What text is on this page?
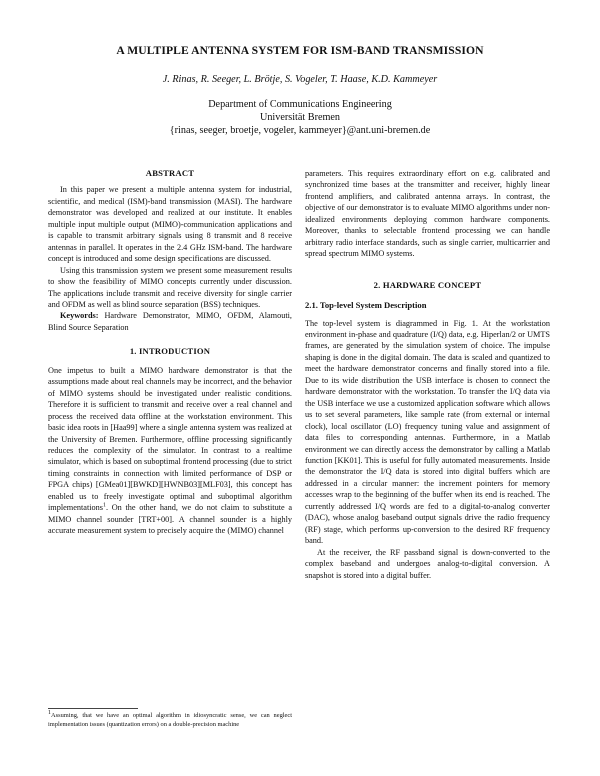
A MULTIPLE ANTENNA SYSTEM FOR ISM-BAND TRANSMISSION
J. Rinas, R. Seeger, L. Brötje, S. Vogeler, T. Haase, K.D. Kammeyer
Department of Communications Engineering
Universität Bremen
{rinas, seeger, broetje, vogeler, kammeyer}@ant.uni-bremen.de

ABSTRACT

In this paper we present a multiple antenna system for industrial, scientific, and medical (ISM)-band transmission (MASI). The hardware demonstrator was developed and realized at our institute. It enables multiple input multiple output (MIMO)-communication applications and is capable to transmit arbitrary signals using 8 transmit and 8 receive antennas in parallel. It operates in the 2.4 GHz ISM-band. The hardware concept is introduced and some design specifications are discussed.

Using this transmission system we present some measurement results to show the feasibility of MIMO concepts currently under discussion. The applications include transmit and receive diversity for single carrier and OFDM as well as blind source separation (BSS) techniques.

Keywords: Hardware Demonstrator, MIMO, OFDM, Alamouti, Blind Source Separation

1. INTRODUCTION

One impetus to built a MIMO hardware demonstrator is that the assumptions made about real channels may be incorrect, and the behavior of MIMO systems should be investigated under realistic conditions. Therefore it is sufficient to transmit and receive over a real channel and process the received data offline at the workstation environment. This basic idea roots in [Haa99] where a single antenna system was realized at the University of Bremen. Furthermore, offline processing significantly reduces the complexity of the simulator. In contrast to a realtime simulator, which is based on suboptimal frontend processing (due to strict timing constraints in connection with limited performance of DSP or FPGA chips) [GMea01][BWKD][HWNB03][MLF03], this concept has enabled us to freely investigate optimal and suboptimal algorithm implementations$^1$. On the other hand, we do not claim to substitute a MIMO channel sounder [TRT+00]. A channel sounder is a highly accurate measurement system to precisely acquire the (MIMO) channel

$^1$Assuming, that we have an optimal algorithm in idiosyncratic sense, we can neglect implementation issues (quantization errors) on a double-precision machine

parameters. This requires extraordinary effort on e.g. calibrated and synchronized time bases at the transmitter and receiver, highly linear frontend amplifiers, and calibrated antenna arrays. In contrast, the objective of our demonstrator is to evaluate MIMO algorithms under non-idealized environments deploying common hardware components. Moreover, thanks to selectable frontend processing we can handle arbitrary radio interface standards, such as single carrier, multicarrier and spread spectrum MIMO systems.

2. HARDWARE CONCEPT

2.1. Top-level System Description

The top-level system is diagrammed in Fig. 1. At the workstation environment in-phase and quadrature (I/Q) data, e.g. Hiperlan/2 or UMTS frames, are generated by the simulation system of choice. The impulse shaping is done in the digital domain. The data is scaled and quantized to meet the hardware demonstrator concerns and finally stored into a file. Due to its wide distribution the USB interface is chosen to connect the hardware demonstrator with the workstation. To transfer the I/Q data via the USB interface we use a customized application software which allows us to set several parameters, like sample rate (from external or internal clock), local oscillator (LO) frequency tuning value and assignment of data files to corresponding antennas. Furthermore, in a Matlab environment we can directly access the demonstrator by calling a Matlab function [KK01]. This is useful for fully automated measurements. Inside the demonstrator the I/Q data is stored into digital buffers which are addressed in a circular manner: the increment pointers for memory accesses wrap to the beginning of the buffer when its end is reached. The currently addressed I/Q words are fed to a digital-to-analog converter (DAC), whose analog baseband output signals drive the radio frequency (RF) stage, which performs up-conversion to the desired RF frequency band.

At the receiver, the RF passband signal is down-converted to the complex baseband and undergoes analog-to-digital conversion. A snapshot is stored into a digital buffer.
